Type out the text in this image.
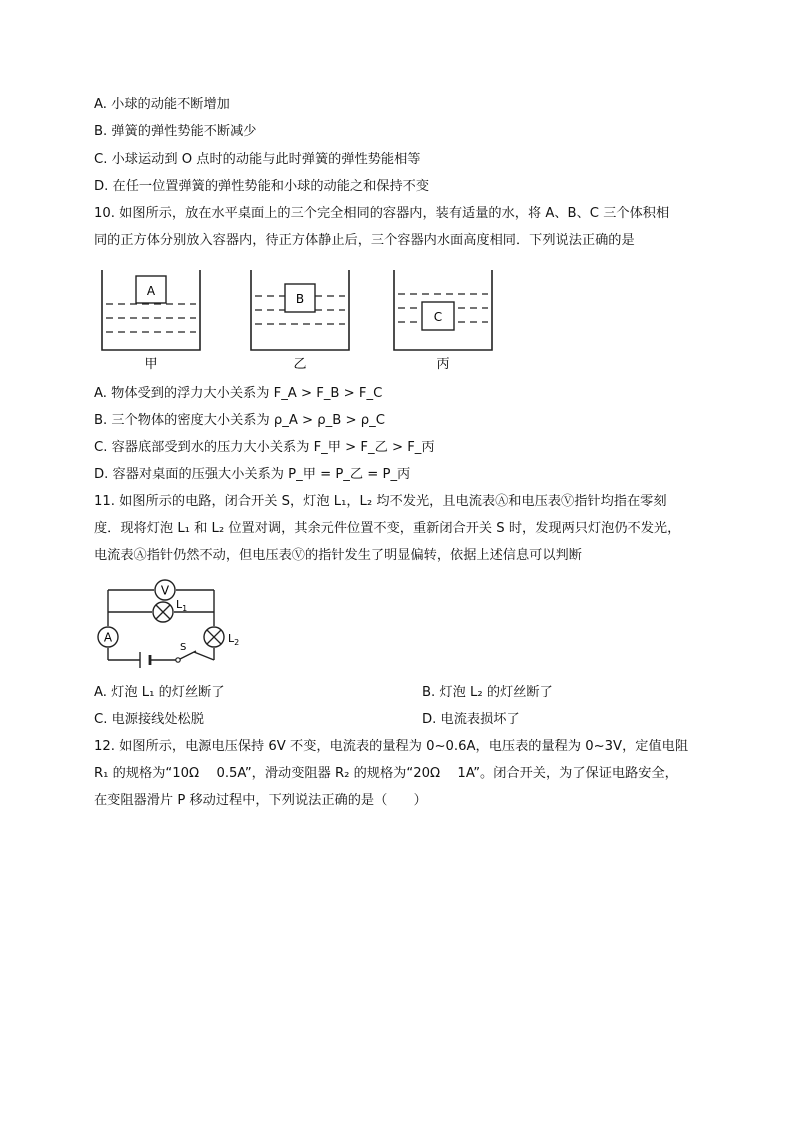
A. 小球的动能不断增加
B. 弹簧的弹性势能不断减少
C. 小球运动到 O 点时的动能与此时弹簧的弹性势能相等
D. 在任一位置弹簧的弹性势能和小球的动能之和保持不变
10. 如图所示，放在水平桌面上的三个完全相同的容器内，装有适量的水，将 A、B、C 三个体积相
同的正方体分别放入容器内，待正方体静止后，三个容器内水面高度相同．下列说法正确的是
A
B
C
甲	乙	丙
A. 物体受到的浮力大小关系为 F_A > F_B > F_C
B. 三个物体的密度大小关系为 ρ_A > ρ_B > ρ_C
C. 容器底部受到水的压力大小关系为 F_甲 > F_乙 > F_丙
D. 容器对桌面的压强大小关系为 P_甲 = P_乙 = P_丙
11. 如图所示的电路，闭合开关 S，灯泡 L₁，L₂ 均不发光，且电流表Ⓐ和电压表Ⓥ指针均指在零刻
度．现将灯泡 L₁ 和 L₂ 位置对调，其余元件位置不变，重新闭合开关 S 时，发现两只灯泡仍不发光，
电流表Ⓐ指针仍然不动，但电压表Ⓥ的指针发生了明显偏转，依据上述信息可以判断
V
$L_1$
A	$L_2$
S
A. 灯泡 L₁ 的灯丝断了	B. 灯泡 L₂ 的灯丝断了
C. 电源接线处松脱	D. 电流表损坏了
12. 如图所示，电源电压保持 6V 不变，电流表的量程为 0~0.6A，电压表的量程为 0~3V，定值电阻
R₁ 的规格为“10Ω　 0.5A”，滑动变阻器 R₂ 的规格为“20Ω　 1A”。闭合开关，为了保证电路安全，
在变阻器滑片 P 移动过程中，下列说法正确的是（　　）
